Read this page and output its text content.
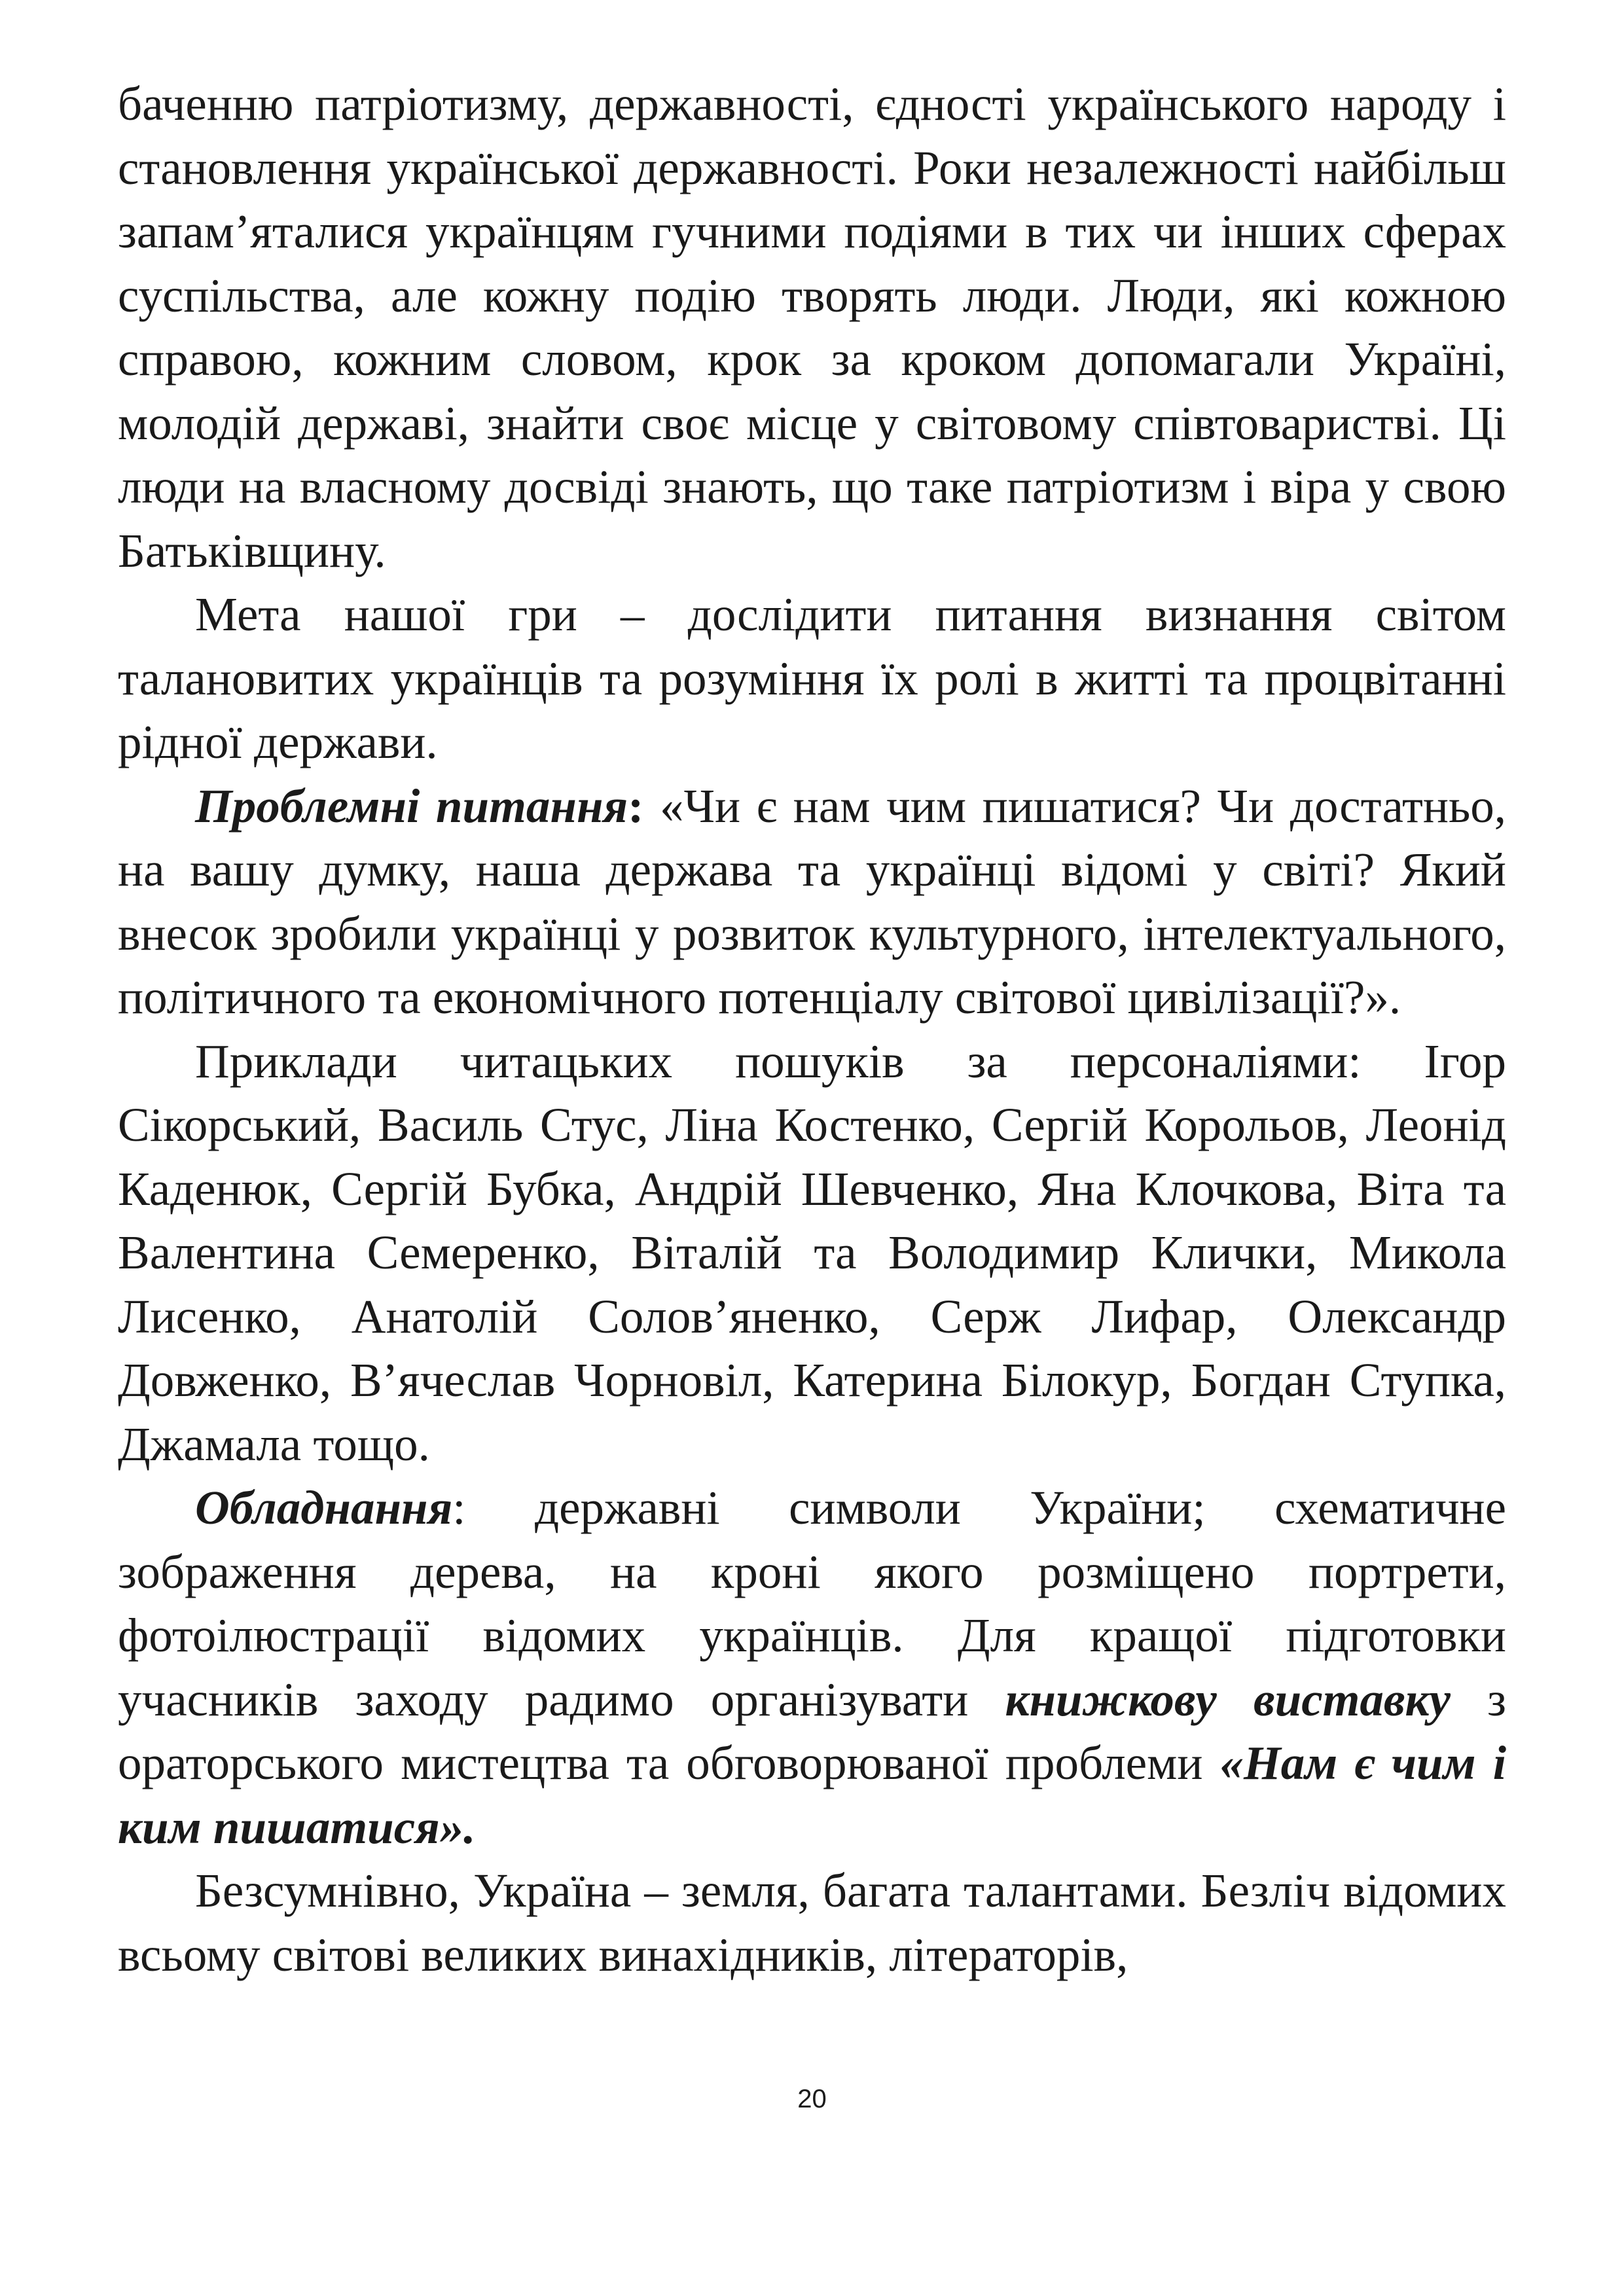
баченню патріотизму, державності, єдності українського народу і становлення української державності. Роки незалежності найбільш запам’яталися українцям гучними подіями в тих чи інших сферах суспільства, але кожну подію творять люди. Люди, які кожною справою, кожним словом, крок за кроком допомагали Україні, молодій державі, знайти своє місце у світовому співтоваристві. Ці люди на власному досвіді знають, що таке патріотизм і віра у свою Батьківщину.

Мета нашої гри – дослідити питання визнання світом талановитих українців та розуміння їх ролі в житті та процвітанні рідної держави.

Проблемні питання: «Чи є нам чим пишатися? Чи достатньо, на вашу думку, наша держава та українці відомі у світі? Який внесок зробили українці у розвиток культурного, інтелектуального, політичного та економічного потенціалу світової цивілізації?».

Приклади читацьких пошуків за персоналіями: Ігор Сікорський, Василь Стус, Ліна Костенко, Сергій Корольов, Леонід Каденюк, Сергій Бубка, Андрій Шевченко, Яна Клочкова, Віта та Валентина Семеренко, Віталій та Володимир Клички, Микола Лисенко, Анатолій Солов’яненко, Серж Лифар, Олександр Довженко, В’ячеслав Чорновіл, Катерина Білокур, Богдан Ступка, Джамала тощо.

Обладнання: державні символи України; схематичне зображення дерева, на кроні якого розміщено портрети, фотоілюстрації відомих українців. Для кращої підготовки учасників заходу радимо організувати книжкову виставку з ораторського мистецтва та обговорюваної проблеми «Нам є чим і ким пишатися».

Безсумнівно, Україна – земля, багата талантами. Безліч відомих всьому світові великих винахідників, літераторів,

20
